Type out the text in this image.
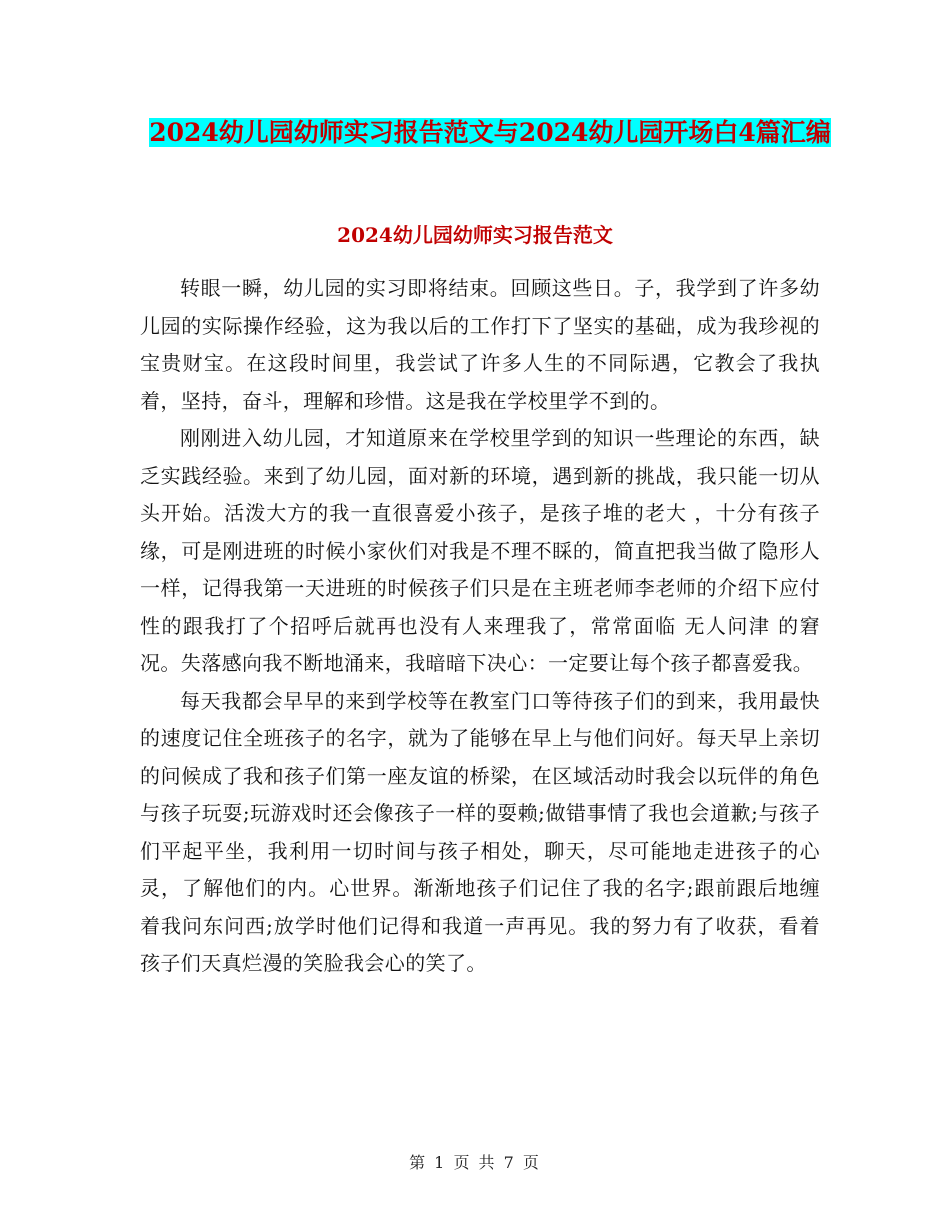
2024幼儿园幼师实习报告范文与2024幼儿园开场白4篇汇编
2024幼儿园幼师实习报告范文

转眼一瞬，幼儿园的实习即将结束。回顾这些日。子，我学到了许多幼儿园的实际操作经验，这为我以后的工作打下了坚实的基础，成为我珍视的宝贵财宝。在这段时间里，我尝试了许多人生的不同际遇，它教会了我执着，坚持，奋斗，理解和珍惜。这是我在学校里学不到的。

刚刚进入幼儿园，才知道原来在学校里学到的知识一些理论的东西，缺乏实践经验。来到了幼儿园，面对新的环境，遇到新的挑战，我只能一切从头开始。活泼大方的我一直很喜爱小孩子，是孩子堆的老大 ，十分有孩子缘，可是刚进班的时候小家伙们对我是不理不睬的，简直把我当做了隐形人一样，记得我第一天进班的时候孩子们只是在主班老师李老师的介绍下应付性的跟我打了个招呼后就再也没有人来理我了，常常面临 无人问津 的窘况。失落感向我不断地涌来，我暗暗下决心：一定要让每个孩子都喜爱我。

每天我都会早早的来到学校等在教室门口等待孩子们的到来，我用最快的速度记住全班孩子的名字，就为了能够在早上与他们问好。每天早上亲切的问候成了我和孩子们第一座友谊的桥梁，在区域活动时我会以玩伴的角色与孩子玩耍;玩游戏时还会像孩子一样的耍赖;做错事情了我也会道歉;与孩子们平起平坐，我利用一切时间与孩子相处，聊天，尽可能地走进孩子的心灵，了解他们的内。心世界。渐渐地孩子们记住了我的名字;跟前跟后地缠着我问东问西;放学时他们记得和我道一声再见。我的努力有了收获，看着孩子们天真烂漫的笑脸我会心的笑了。

第 1 页 共 7 页
